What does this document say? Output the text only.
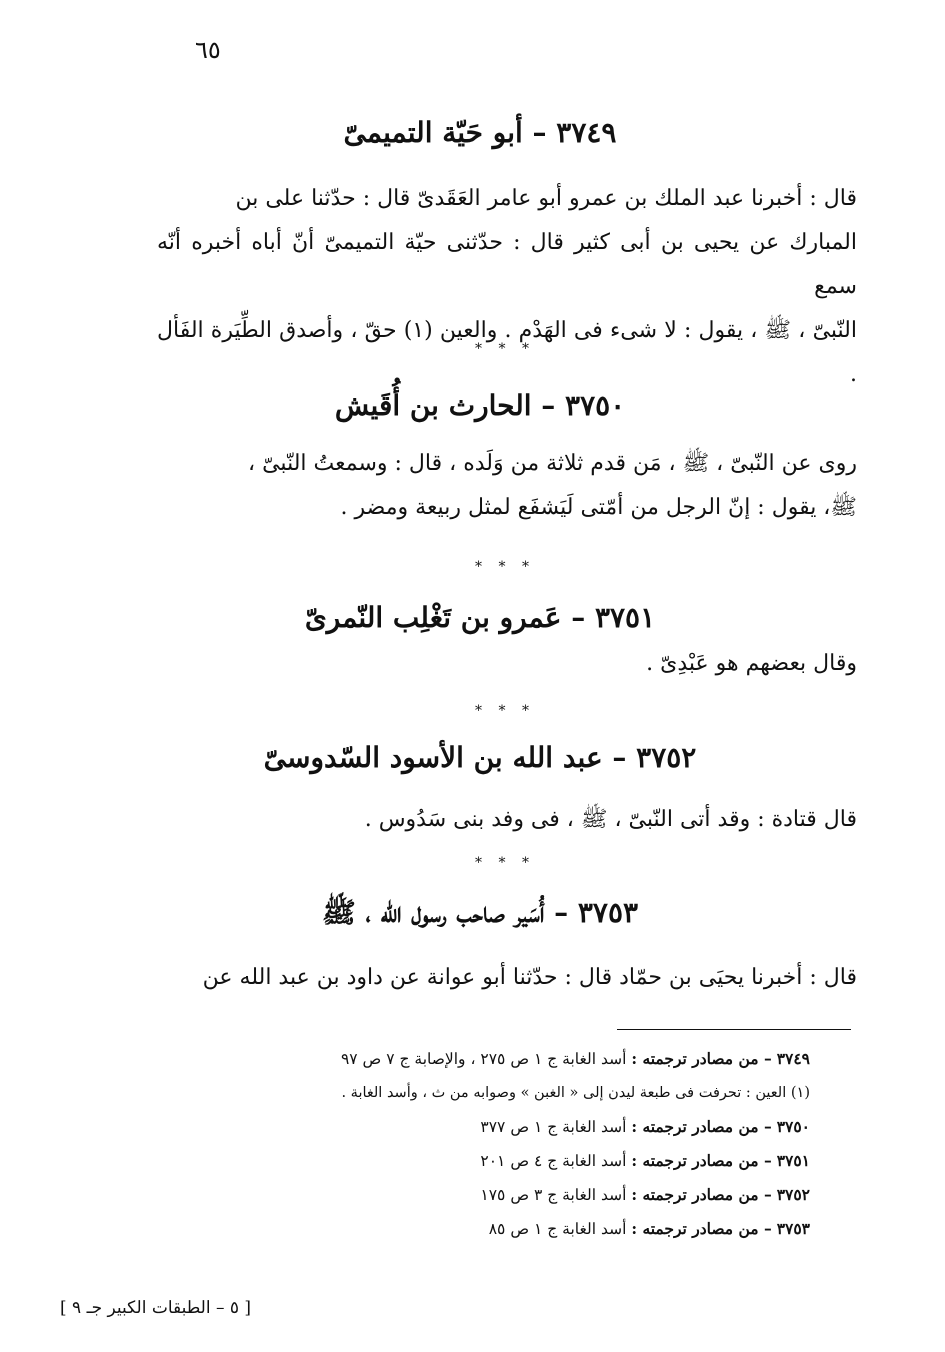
٦٥
٣٧٤٩ – أبو حَيّة التميمىّ

قال : أخبرنا عبد الملك بن عمرو أبو عامر العَقَدىّ قال : حدّثنا على بن

المبارك عن يحيى بن أبى كثير قال : حدّثنى حيّة التميمىّ أنّ أباه أخبره أنّه سمع

النّبىّ ، ﷺ ، يقول : لا شىء فى الهَدْم . والعين (١) حقّ ، وأصدق الطِّيَرة الفَأل .

* * *
٣٧٥٠ – الحارث بن أُقَيش

روى عن النّبىّ ، ﷺ ، مَن قدم ثلاثة من وَلَده ، قال : وسمعتُ النّبىّ ،

ﷺ، يقول : إنّ الرجل من أمّتى لَيَشفَع لمثل ربيعة ومضر .

* * *
٣٧٥١ – عَمرو بن تَغْلِب النّمرىّ

وقال بعضهم هو عَبْدِىّ .

* * *
٣٧٥٢ – عبد الله بن الأسود السّدوسىّ

قال قتادة : وقد أتى النّبىّ ، ﷺ ، فى وفد بنى سَدُوس .

* * *
٣٧٥٣ – أُسَير صاحب رسول الله ، ﷺ

قال : أخبرنا يحيَى بن حمّاد قال : حدّثنا أبو عوانة عن داود بن عبد الله عن

٣٧٤٩ – من مصادر ترجمته : أسد الغابة ج ١ ص ٢٧٥ ، والإصابة ج ٧ ص ٩٧
(١) العين : تحرفت فى طبعة ليدن إلى « الغبن » وصوابه من ث ، وأسد الغابة .
٣٧٥٠ – من مصادر ترجمته : أسد الغابة ج ١ ص ٣٧٧
٣٧٥١ – من مصادر ترجمته : أسد الغابة ج ٤ ص ٢٠١
٣٧٥٢ – من مصادر ترجمته : أسد الغابة ج ٣ ص ١٧٥
٣٧٥٣ – من مصادر ترجمته : أسد الغابة ج ١ ص ٨٥
[ ٥ – الطبقات الكبير جـ ٩ ]
